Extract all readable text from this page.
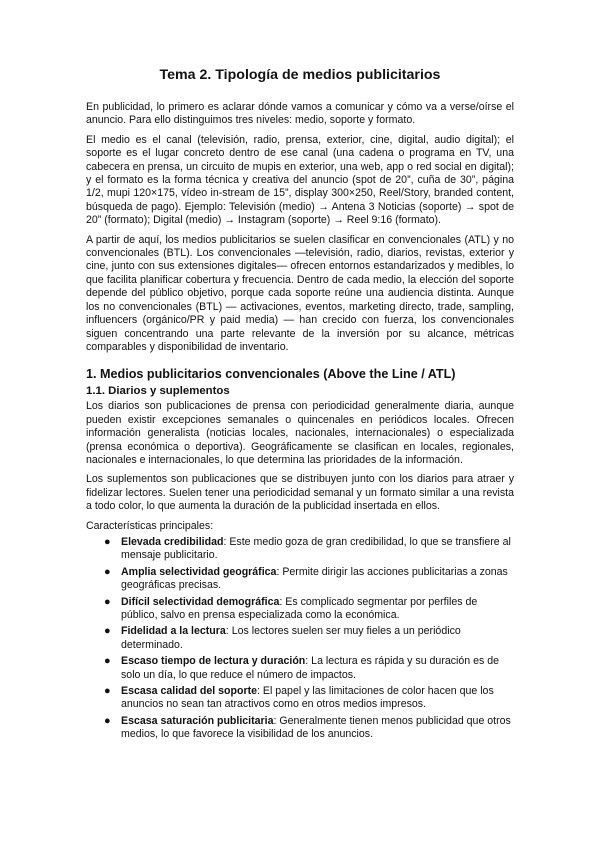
Tema 2. Tipología de medios publicitarios

En publicidad, lo primero es aclarar dónde vamos a comunicar y cómo va a verse/oírse el anuncio. Para ello distinguimos tres niveles: medio, soporte y formato.

El medio es el canal (televisión, radio, prensa, exterior, cine, digital, audio digital); el soporte es el lugar concreto dentro de ese canal (una cadena o programa en TV, una cabecera en prensa, un circuito de mupis en exterior, una web, app o red social en digital); y el formato es la forma técnica y creativa del anuncio (spot de 20”, cuña de 30”, página 1/2, mupi 120×175, vídeo in-stream de 15”, display 300×250, Reel/Story, branded content, búsqueda de pago). Ejemplo: Televisión (medio) → Antena 3 Noticias (soporte) → spot de 20” (formato); Digital (medio) → Instagram (soporte) → Reel 9:16 (formato).

A partir de aquí, los medios publicitarios se suelen clasificar en convencionales (ATL) y no convencionales (BTL). Los convencionales —televisión, radio, diarios, revistas, exterior y cine, junto con sus extensiones digitales— ofrecen entornos estandarizados y medibles, lo que facilita planificar cobertura y frecuencia. Dentro de cada medio, la elección del soporte depende del público objetivo, porque cada soporte reúne una audiencia distinta. Aunque los no convencionales (BTL) — activaciones, eventos, marketing directo, trade, sampling, influencers (orgánico/PR y paid media) — han crecido con fuerza, los convencionales siguen concentrando una parte relevante de la inversión por su alcance, métricas comparables y disponibilidad de inventario.

1. Medios publicitarios convencionales (Above the Line / ATL)
1.1. Diarios y suplementos

Los diarios son publicaciones de prensa con periodicidad generalmente diaria, aunque pueden existir excepciones semanales o quincenales en periódicos locales. Ofrecen información generalista (noticias locales, nacionales, internacionales) o especializada (prensa económica o deportiva). Geográficamente se clasifican en locales, regionales, nacionales e internacionales, lo que determina las prioridades de la información.

Los suplementos son publicaciones que se distribuyen junto con los diarios para atraer y fidelizar lectores. Suelen tener una periodicidad semanal y un formato similar a una revista a todo color, lo que aumenta la duración de la publicidad insertada en ellos.

Características principales:

● Elevada credibilidad: Este medio goza de gran credibilidad, lo que se transfiere al mensaje publicitario.
● Amplia selectividad geográfica: Permite dirigir las acciones publicitarias a zonas geográficas precisas.
● Difícil selectividad demográfica: Es complicado segmentar por perfiles de público, salvo en prensa especializada como la económica.
● Fidelidad a la lectura: Los lectores suelen ser muy fieles a un periódico determinado.
● Escaso tiempo de lectura y duración: La lectura es rápida y su duración es de solo un día, lo que reduce el número de impactos.
● Escasa calidad del soporte: El papel y las limitaciones de color hacen que los anuncios no sean tan atractivos como en otros medios impresos.
● Escasa saturación publicitaria: Generalmente tienen menos publicidad que otros medios, lo que favorece la visibilidad de los anuncios.
